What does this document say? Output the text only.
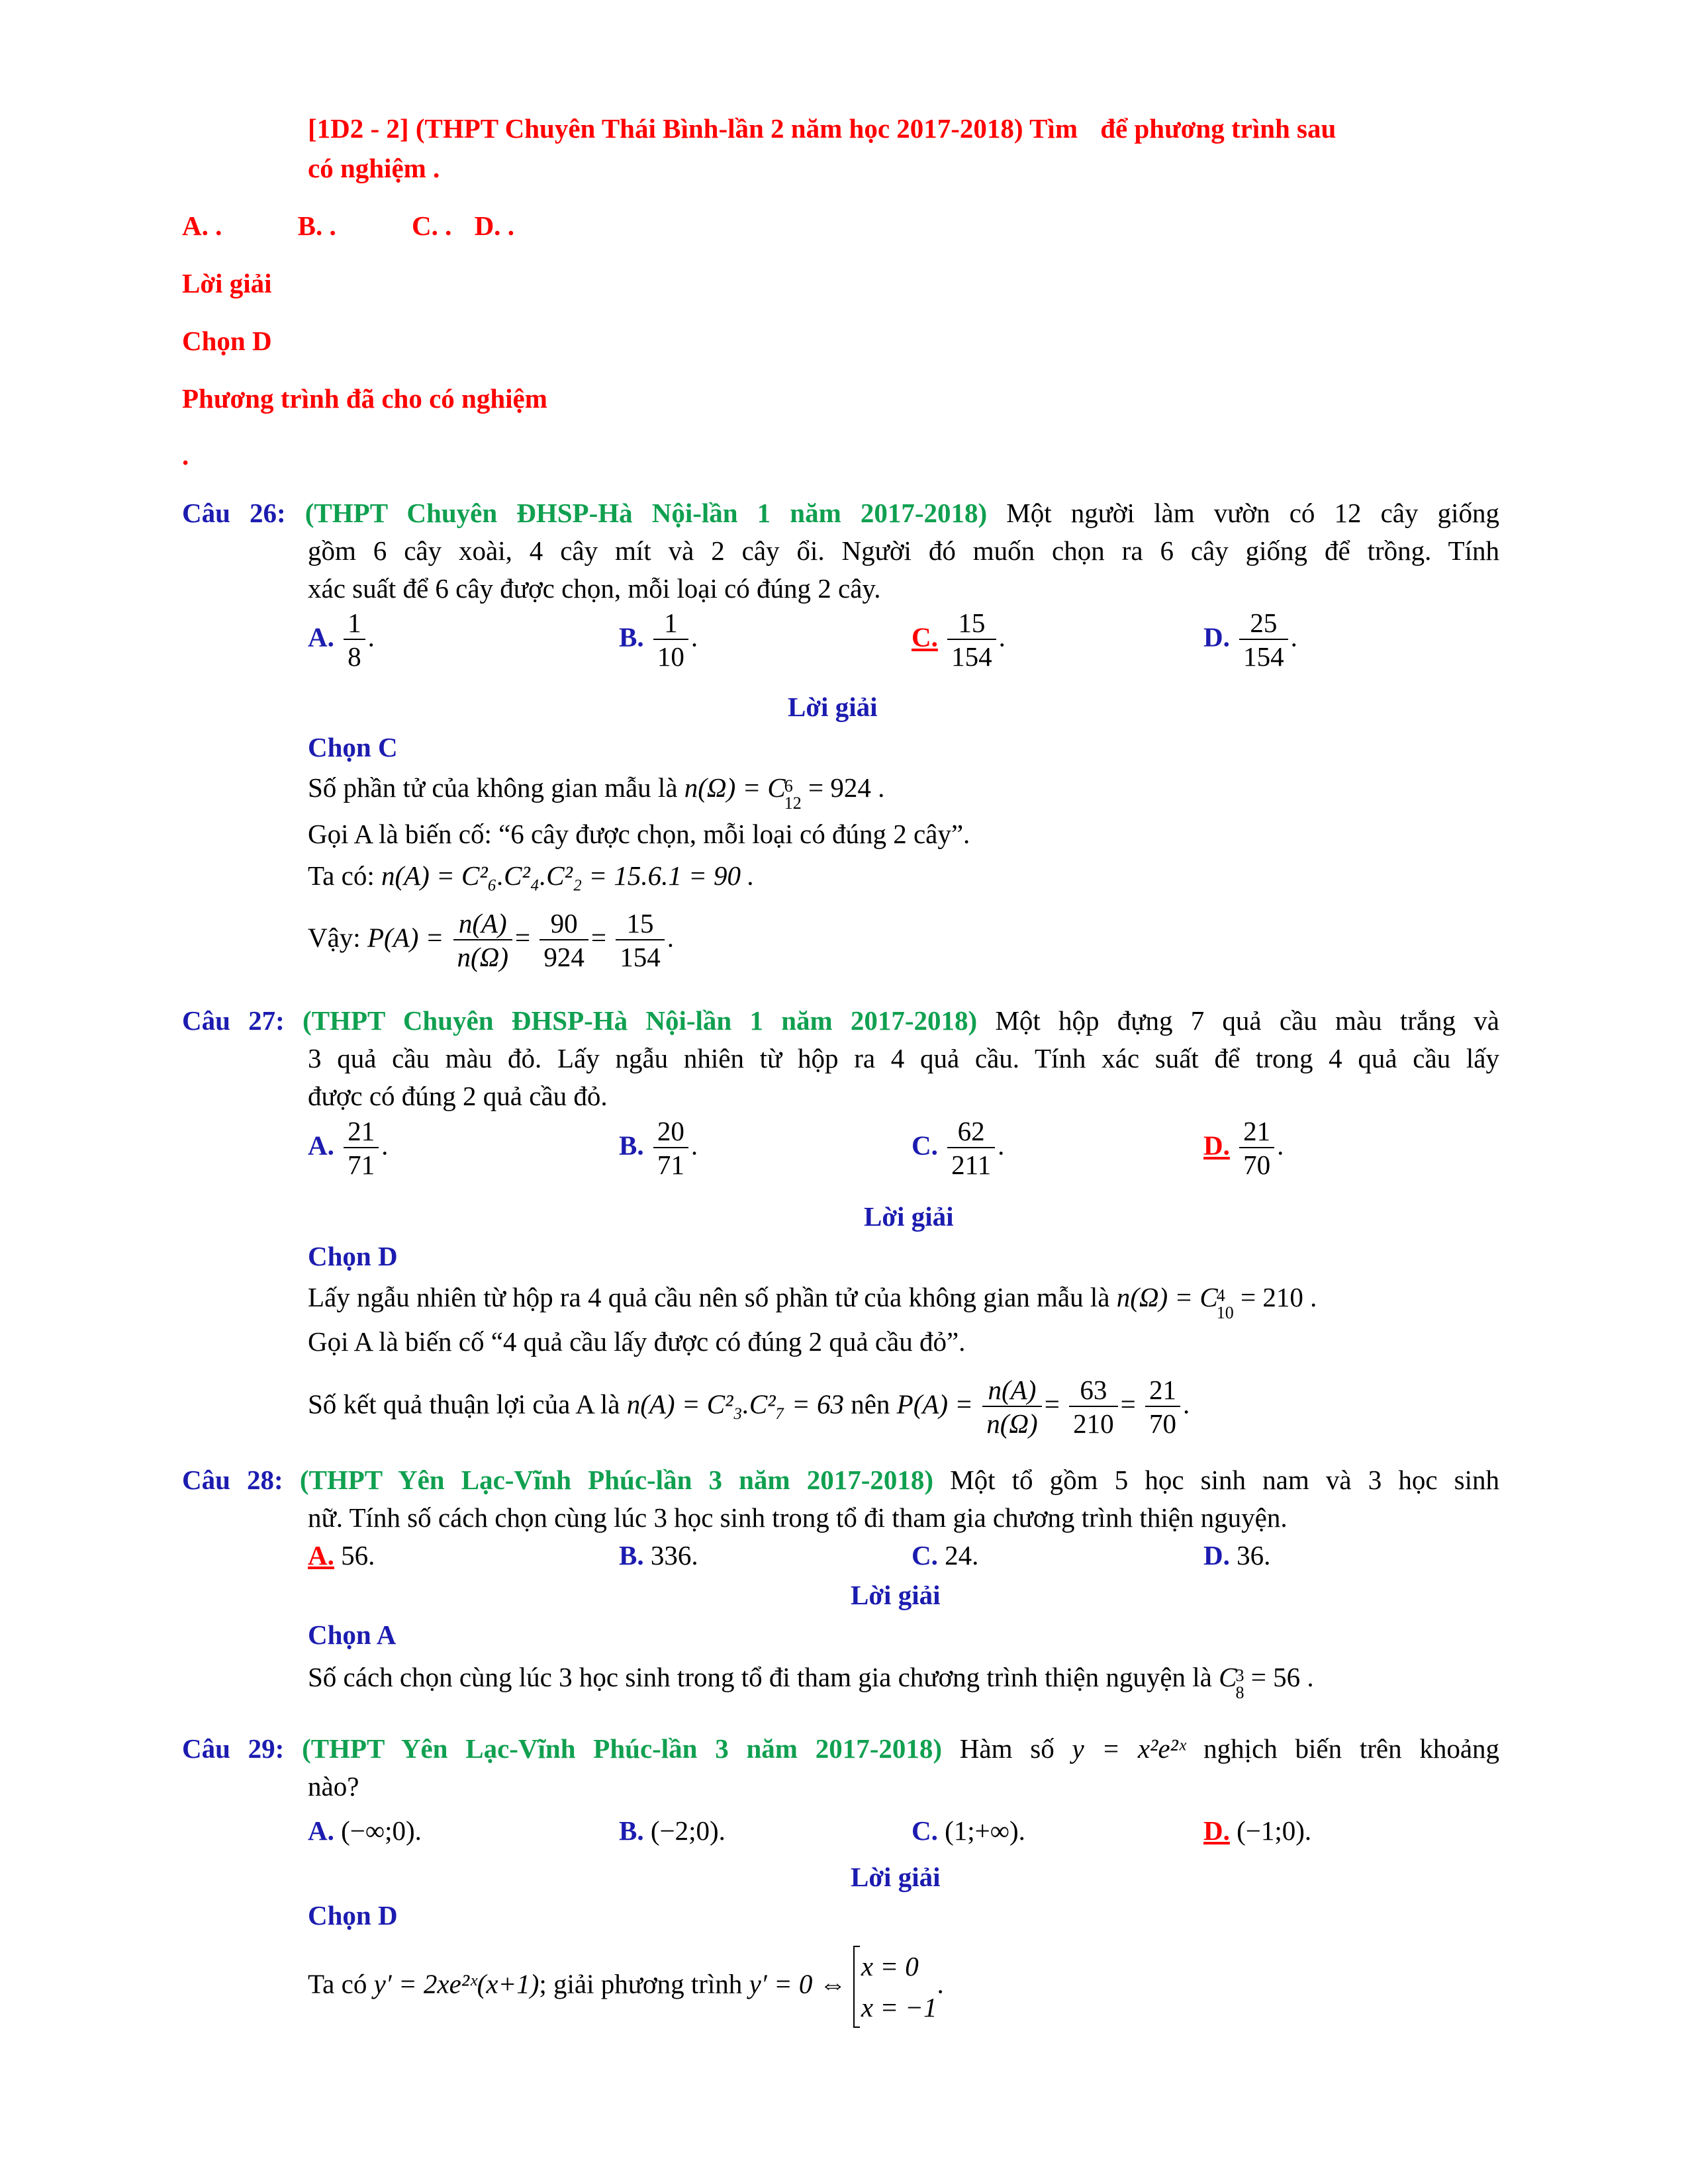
[1D2 - 2] (THPT Chuyên Thái Bình-lần 2 năm học 2017-2018) Tìm để phương trình sau
có nghiệm .
A. .	B. .	C. . D. .
Lời giải
Chọn D
Phương trình đã cho có nghiệm
.
Câu 26: (THPT Chuyên ĐHSP-Hà Nội-lần 1 năm 2017-2018) Một người làm vườn có 12 cây giống
gồm 6 cây xoài, 4 cây mít và 2 cây ổi. Người đó muốn chọn ra 6 cây giống để trồng. Tính
xác suất để 6 cây được chọn, mỗi loại có đúng 2 cây.
A. $\frac{1}{8}$ .	B. $\frac{1}{10}$ .	C. $\frac{15}{154}$ .	D. $\frac{25}{154}$ .
Lời giải
Chọn C
Số phần tử của không gian mẫu là n(Ω) = C
6
12
= 924 .
Gọi A là biến cố: “6 cây được chọn, mỗi loại có đúng 2 cây”.
Ta có: n(A) = C²₆.C²₄.C²₂ = 15.6.1 = 90 .
Vậy: $P(A) = \frac{n(A)}{n(\Omega)} = \frac{90}{924} = \frac{15}{154}$ .
Câu 27: (THPT Chuyên ĐHSP-Hà Nội-lần 1 năm 2017-2018) Một hộp đựng 7 quả cầu màu trắng và
3 quả cầu màu đỏ. Lấy ngẫu nhiên từ hộp ra 4 quả cầu. Tính xác suất để trong 4 quả cầu lấy
được có đúng 2 quả cầu đỏ.
A. $\frac{21}{71}$ .	B. $\frac{20}{71}$ .	C. $\frac{62}{211}$ .	D. $\frac{21}{70}$ .
Lời giải
Chọn D
Lấy ngẫu nhiên từ hộp ra 4 quả cầu nên số phần tử của không gian mẫu là n(Ω) = C
4
10
= 210 .
Gọi A là biến cố “4 quả cầu lấy được có đúng 2 quả cầu đỏ”.
Số kết quả thuận lợi của A là n(A) = C²₃.C²₇ = 63 nên $P(A) = \frac{n(A)}{n(\Omega)} = \frac{63}{210} = \frac{21}{70}$ .
Câu 28: (THPT Yên Lạc-Vĩnh Phúc-lần 3 năm 2017-2018) Một tổ gồm 5 học sinh nam và 3 học sinh
nữ. Tính số cách chọn cùng lúc 3 học sinh trong tổ đi tham gia chương trình thiện nguyện.
A. 56.	B. 336.	C. 24.	D. 36.
Lời giải
Chọn A
Số cách chọn cùng lúc 3 học sinh trong tổ đi tham gia chương trình thiện nguyện là C
3
8
= 56 .
Câu 29: (THPT Yên Lạc-Vĩnh Phúc-lần 3 năm 2017-2018) Hàm số y = x²e²ˣ nghịch biến trên khoảng
nào?
A. (−∞;0).	B. (−2;0).	C. (1;+∞).	D. (−1;0).
Lời giải
Chọn D
Ta có y′ = 2xe²ˣ(x+1); giải phương trình y′ = 0 ⇔
x = 0
x = −1
.
